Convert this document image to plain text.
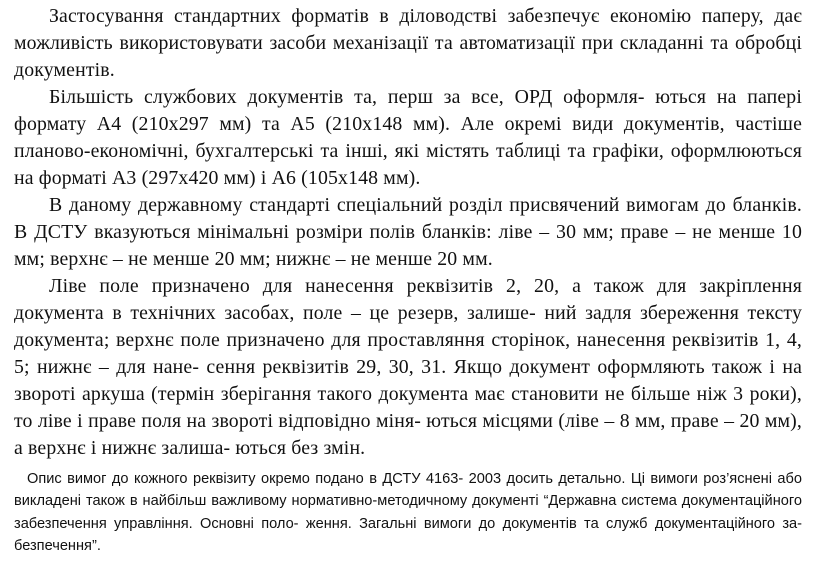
Застосування стандартних форматів в діловодстві забезпечує економію паперу, дає можливість використовувати засоби механізації та автоматизації при складанні та обробці документів.

Більшість службових документів та, перш за все, ОРД оформля- ються на папері формату А4 (210х297 мм) та А5 (210х148 мм). Але окремі види документів, частіше планово-економічні, бухгалтерські та інші, які містять таблиці та графіки, оформлюються на форматі А3 (297х420 мм) і А6 (105х148 мм).

В даному державному стандарті спеціальний розділ присвячений вимогам до бланків. В ДСТУ вказуються мінімальні розміри полів бланків: ліве – 30 мм; праве – не менше 10 мм; верхнє – не менше 20 мм; нижнє – не менше 20 мм.

Ліве поле призначено для нанесення реквізитів 2, 20, а також для закріплення документа в технічних засобах, поле – це резерв, залише- ний задля збереження тексту документа; верхнє поле призначено для проставляння сторінок, нанесення реквізитів 1, 4, 5; нижнє – для нане- сення реквізитів 29, 30, 31. Якщо документ оформляють також і на звороті аркуша (термін зберігання такого документа має становити не більше ніж 3 роки), то ліве і праве поля на звороті відповідно міня- ються місцями (ліве – 8 мм, праве – 20 мм), а верхнє і нижнє залиша- ються без змін.

Опис вимог до кожного реквізиту окремо подано в ДСТУ 4163- 2003 досить детально. Ці вимоги роз’яснені або викладені також в найбільш важливому нормативно-методичному документі “Державна система документаційного забезпечення управління. Основні поло- ження. Загальні вимоги до документів та служб документаційного за- безпечення”.
